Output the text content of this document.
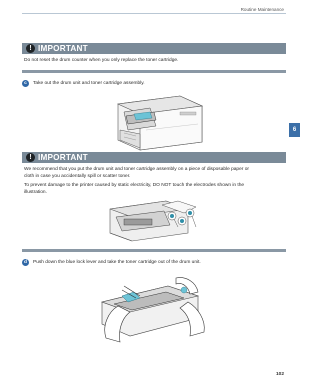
Routine Maintenance
6
! IMPORTANT
Do not reset the drum counter when you only replace the toner cartridge.
c	Take out the drum unit and toner cartridge assembly.
! IMPORTANT
We recommend that you put the drum unit and toner cartridge assembly on a piece of disposable paper or
cloth in case you accidentally spill or scatter toner.
To prevent damage to the printer caused by static electricity, DO NOT touch the electrodes shown in the
illustration.
d	Push down the blue lock lever and take the toner cartridge out of the drum unit.
102
